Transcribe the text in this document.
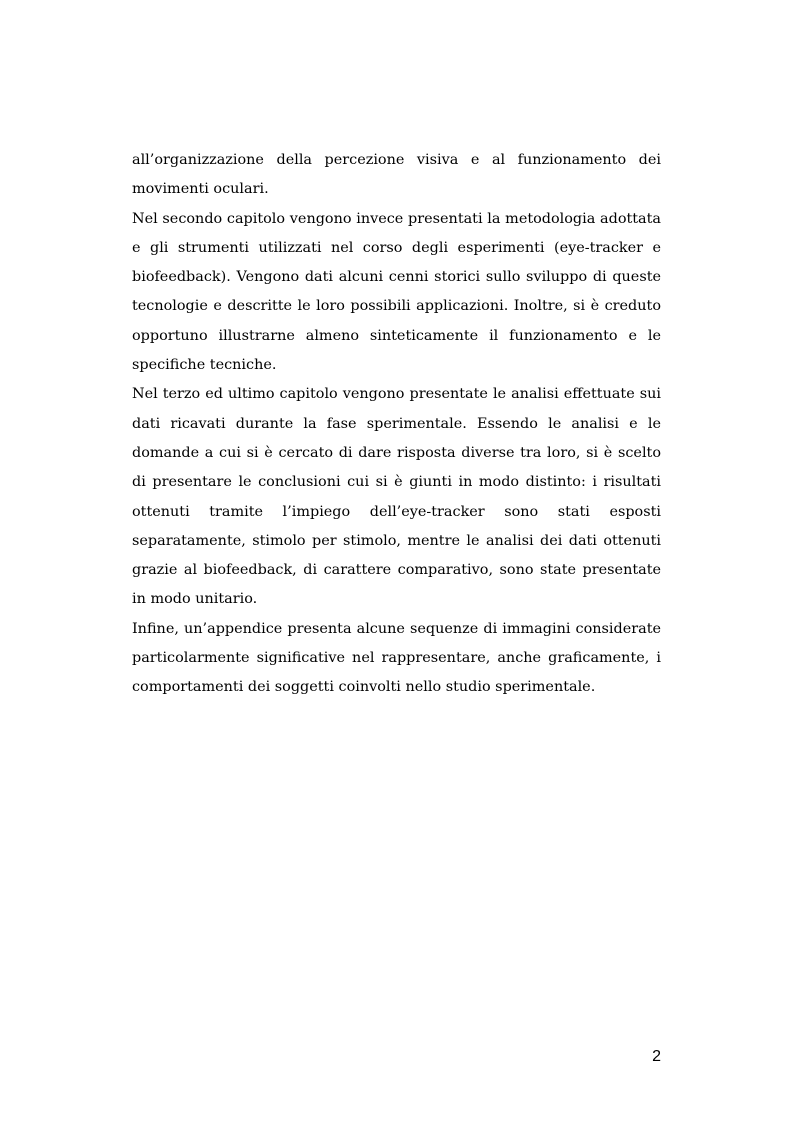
all’organizzazione della percezione visiva e al funzionamento dei movimenti oculari.

Nel secondo capitolo vengono invece presentati la metodologia adottata e gli strumenti utilizzati nel corso degli esperimenti (eye-tracker e biofeedback). Vengono dati alcuni cenni storici sullo sviluppo di queste tecnologie e descritte le loro possibili applicazioni. Inoltre, si è creduto opportuno illustrarne almeno sinteticamente il funzionamento e le specifiche tecniche.

Nel terzo ed ultimo capitolo vengono presentate le analisi effettuate sui dati ricavati durante la fase sperimentale. Essendo le analisi e le domande a cui si è cercato di dare risposta diverse tra loro, si è scelto di presentare le conclusioni cui si è giunti in modo distinto: i risultati ottenuti tramite l’impiego dell’eye-tracker sono stati esposti separatamente, stimolo per stimolo, mentre le analisi dei dati ottenuti grazie al biofeedback, di carattere comparativo, sono state presentate in modo unitario.

Infine, un’appendice presenta alcune sequenze di immagini considerate particolarmente significative nel rappresentare, anche graficamente, i comportamenti dei soggetti coinvolti nello studio sperimentale.

2
